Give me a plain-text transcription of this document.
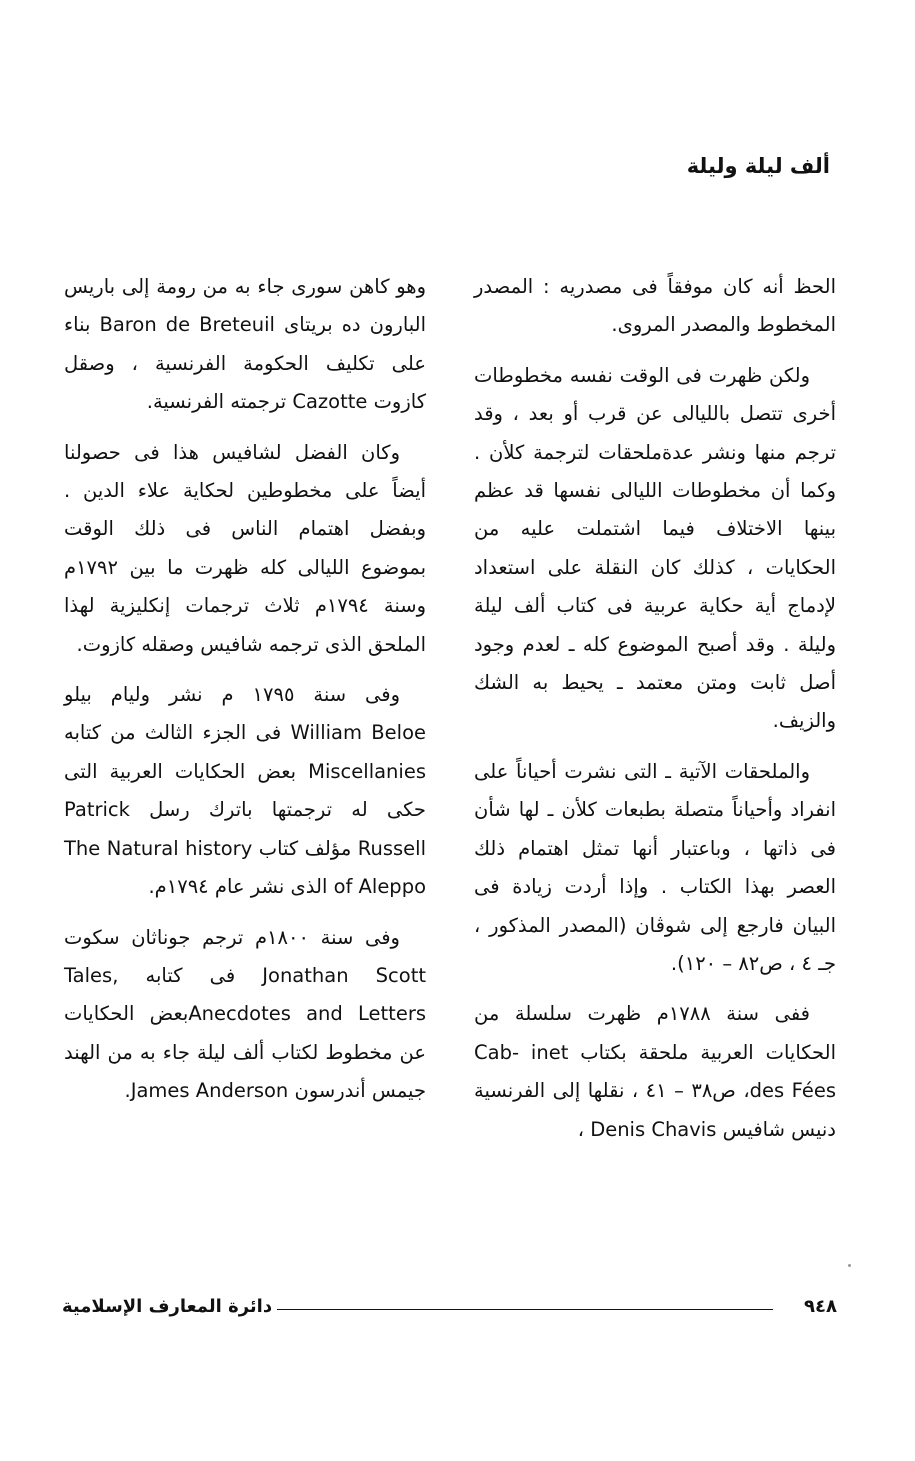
ألف ليلة وليلة

الحظ أنه كان موفقاً فى مصدريه : المصدر المخطوط والمصدر المروى.

ولكن ظهرت فى الوقت نفسه مخطوطات أخرى تتصل بالليالى عن قرب أو بعد ، وقد ترجم منها ونشر عدةملحقات لترجمة كلأن . وكما أن مخطوطات الليالى نفسها قد عظم بينها الاختلاف فيما اشتملت عليه من الحكايات ، كذلك كان النقلة على استعداد لإدماج أية حكاية عربية فى كتاب ألف ليلة وليلة . وقد أصبح الموضوع كله ـ لعدم وجود أصل ثابت ومتن معتمد ـ يحيط به الشك والزيف.

والملحقات الآتية ـ التى نشرت أحياناً على انفراد وأحياناً متصلة بطبعات كلأن ـ لها شأن فى ذاتها ، وباعتبار أنها تمثل اهتمام ذلك العصر بهذا الكتاب . وإذا أردت زيادة فى البيان فارجع إلى شوڤان (المصدر المذكور ، جـ ٤ ، ص٨٢ – ١٢٠).

ففى سنة ١٧٨٨م ظهرت سلسلة من الحكايات العربية ملحقة بكتاب Cab- inet des Fées، ص٣٨ – ٤١ ، نقلها إلى الفرنسية دنيس شافيس Denis Chavis ،

وهو كاهن سورى جاء به من رومة إلى باريس البارون ده بريتاى Baron de Breteuil بناء على تكليف الحكومة الفرنسية ، وصقل كازوت Cazotte ترجمته الفرنسية.

وكان الفضل لشافيس هذا فى حصولنا أيضاً على مخطوطين لحكاية علاء الدين . وبفضل اهتمام الناس فى ذلك الوقت بموضوع الليالى كله ظهرت ما بين ١٧٩٢م وسنة ١٧٩٤م ثلاث ترجمات إنكليزية لهذا الملحق الذى ترجمه شافيس وصقله كازوت.

وفى سنة ١٧٩٥ م نشر وليام بيلو William Beloe فى الجزء الثالث من كتابه Miscellanies بعض الحكايات العربية التى حكى له ترجمتها باترك رسل Patrick Russell مؤلف كتاب The Natural history of Aleppo الذى نشر عام ١٧٩٤م.

وفى سنة ١٨٠٠م ترجم جوناثان سكوت Jonathan Scott فى كتابه Tales, Anecdotes and Lettersبعض الحكايات عن مخطوط لكتاب ألف ليلة جاء به من الهند جيمس أندرسون James Anderson.

٩٤٨
دائرة المعارف الإسلامية
